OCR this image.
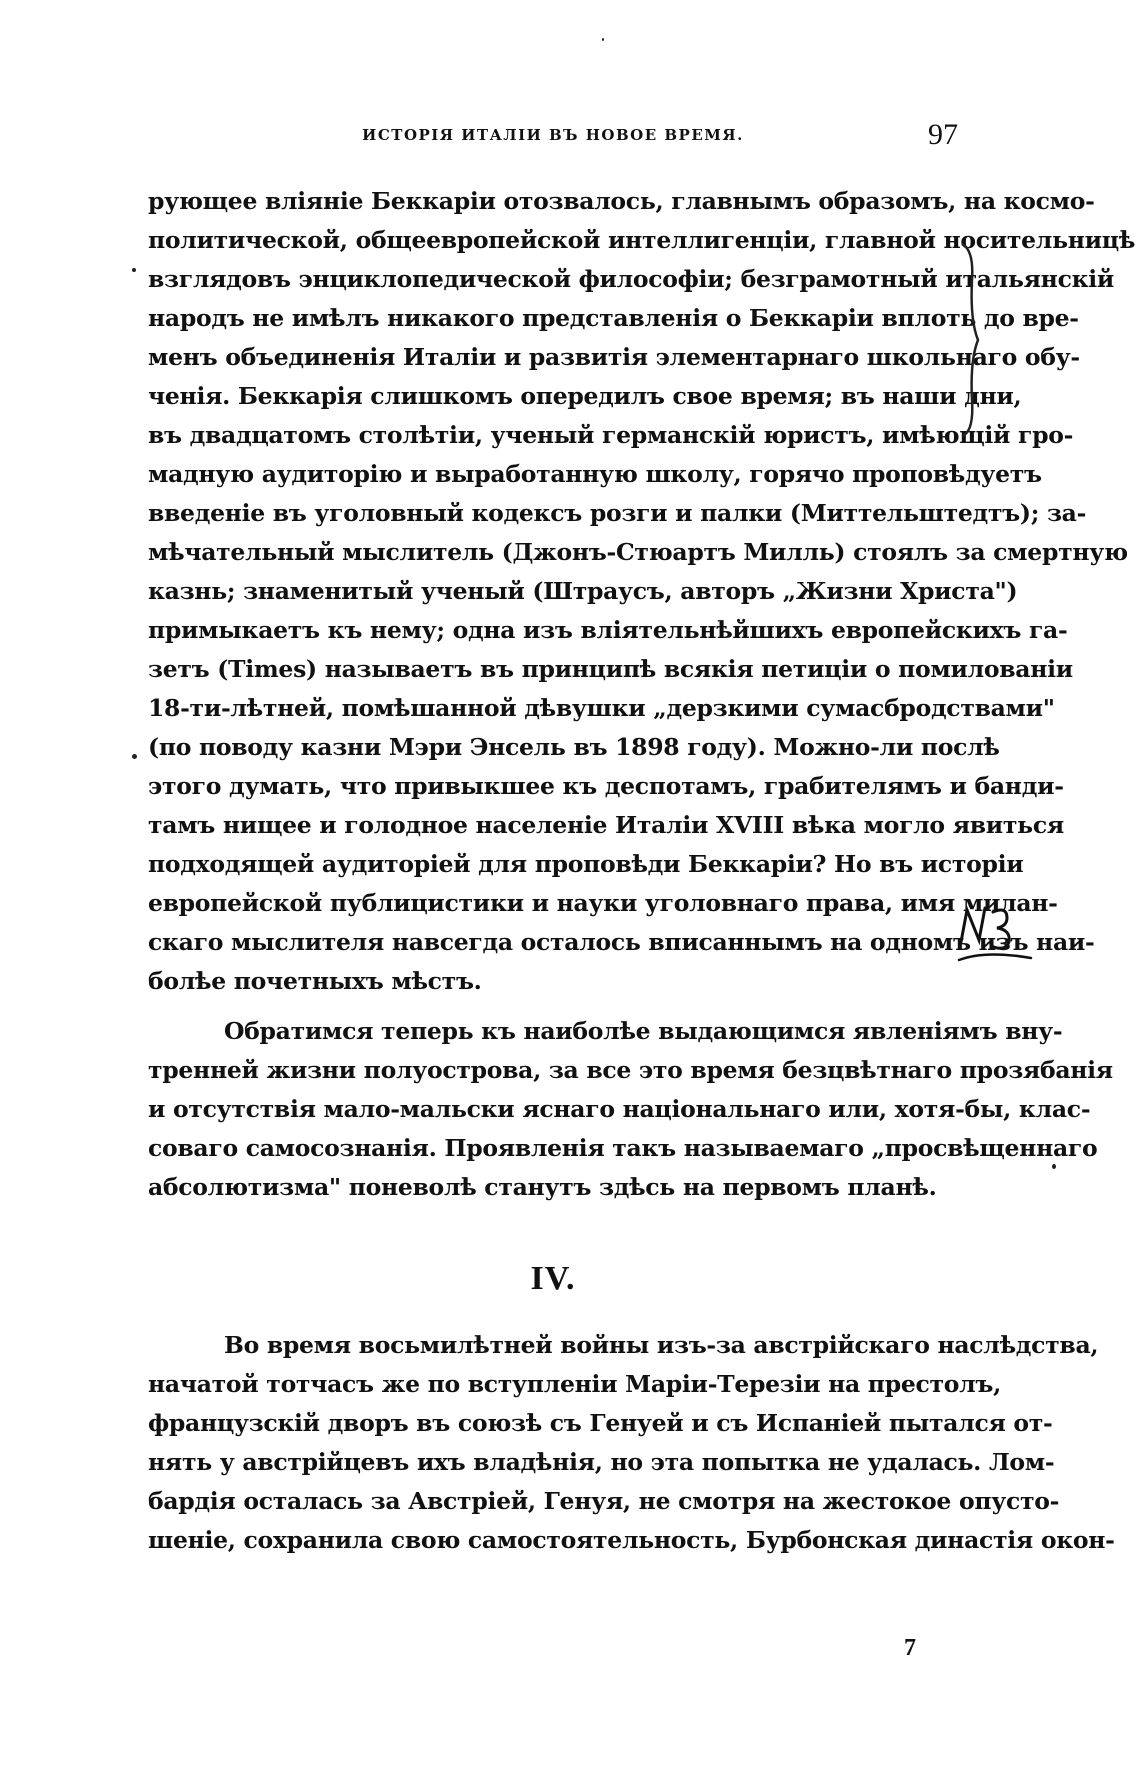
ИСТОРІЯ ИТАЛІИ ВЪ НОВОЕ ВРЕМЯ.	97
рующее вліяніе Беккаріи отозвалось, главнымъ образомъ, на космо-
политической, общеевропейской интеллигенціи, главной носительницѣ
взглядовъ энциклопедической философіи; безграмотный итальянскій
народъ не имѣлъ никакого представленія о Беккаріи вплоть до вре-
менъ объединенія Италіи и развитія элементарнаго школьнаго обу-
ченія. Беккарія слишкомъ опередилъ свое время; въ наши дни,
въ двадцатомъ столѣтіи, ученый германскій юристъ, имѣющій гро-
мадную аудиторію и выработанную школу, горячо проповѣдуетъ
введеніе въ уголовный кодексъ розги и палки (Миттельштедтъ); за-
мѣчательный мыслитель (Джонъ-Стюартъ Милль) стоялъ за смертную
казнь; знаменитый ученый (Штраусъ, авторъ „Жизни Христа")
примыкаетъ къ нему; одна изъ вліятельнѣйшихъ европейскихъ га-
зетъ (Times) называетъ въ принципѣ всякія петиціи о помилованіи
18-ти-лѣтней, помѣшанной дѣвушки „дерзкими сумасбродствами"
(по поводу казни Мэри Энсель въ 1898 году). Можно-ли послѣ
этого думать, что привыкшее къ деспотамъ, грабителямъ и банди-
тамъ нищее и голодное населеніе Италіи XVIII вѣка могло явиться
подходящей аудиторіей для проповѣди Беккаріи? Но въ исторіи
европейской публицистики и науки уголовнаго права, имя милан-
скаго мыслителя навсегда осталось вписаннымъ на одномъ изъ наи-
болѣе почетныхъ мѣстъ.
Обратимся теперь къ наиболѣе выдающимся явленіямъ вну-
тренней жизни полуострова, за все это время безцвѣтнаго прозябанія
и отсутствія мало-мальски яснаго національнаго или, хотя-бы, клас-
соваго самосознанія. Проявленія такъ называемаго „просвѣщеннаго
абсолютизма" поневолѣ станутъ здѣсь на первомъ планѣ.
IV.
Во время восьмилѣтней войны изъ-за австрійскаго наслѣдства,
начатой тотчасъ же по вступленіи Маріи-Терезіи на престолъ,
французскій дворъ въ союзѣ съ Генуей и съ Испаніей пытался от-
нять у австрійцевъ ихъ владѣнія, но эта попытка не удалась. Лом-
бардія осталась за Австріей, Генуя, не смотря на жестокое опусто-
шеніе, сохранила свою самостоятельность, Бурбонская династія окон-
7
